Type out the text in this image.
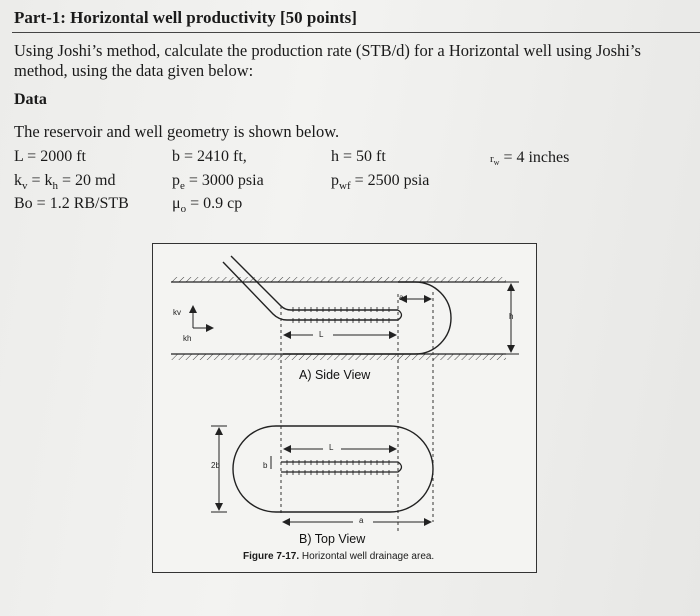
​
Part-1: Horizontal well productivity [50 points]
Using Joshi’s method, calculate the production rate (STB/d) for a Horizontal well using Joshi’s
method, using the data given below:
Data
The reservoir and well geometry is shown below.
L = 2000 ft	b = 2410 ft,	h = 50 ft	$r_w = 4$ inches
$k_v = k_h = 20$ md	$p_e = 3000$ psia	$p_{wf} = 2500$ psia
Bo = 1.2 RB/STB	$\mu_o = 0.9$ cp
a
h
L
kv
kh
A) Side View
L
2b	b
a
B) Top View
Figure 7-17. Horizontal well drainage area.
